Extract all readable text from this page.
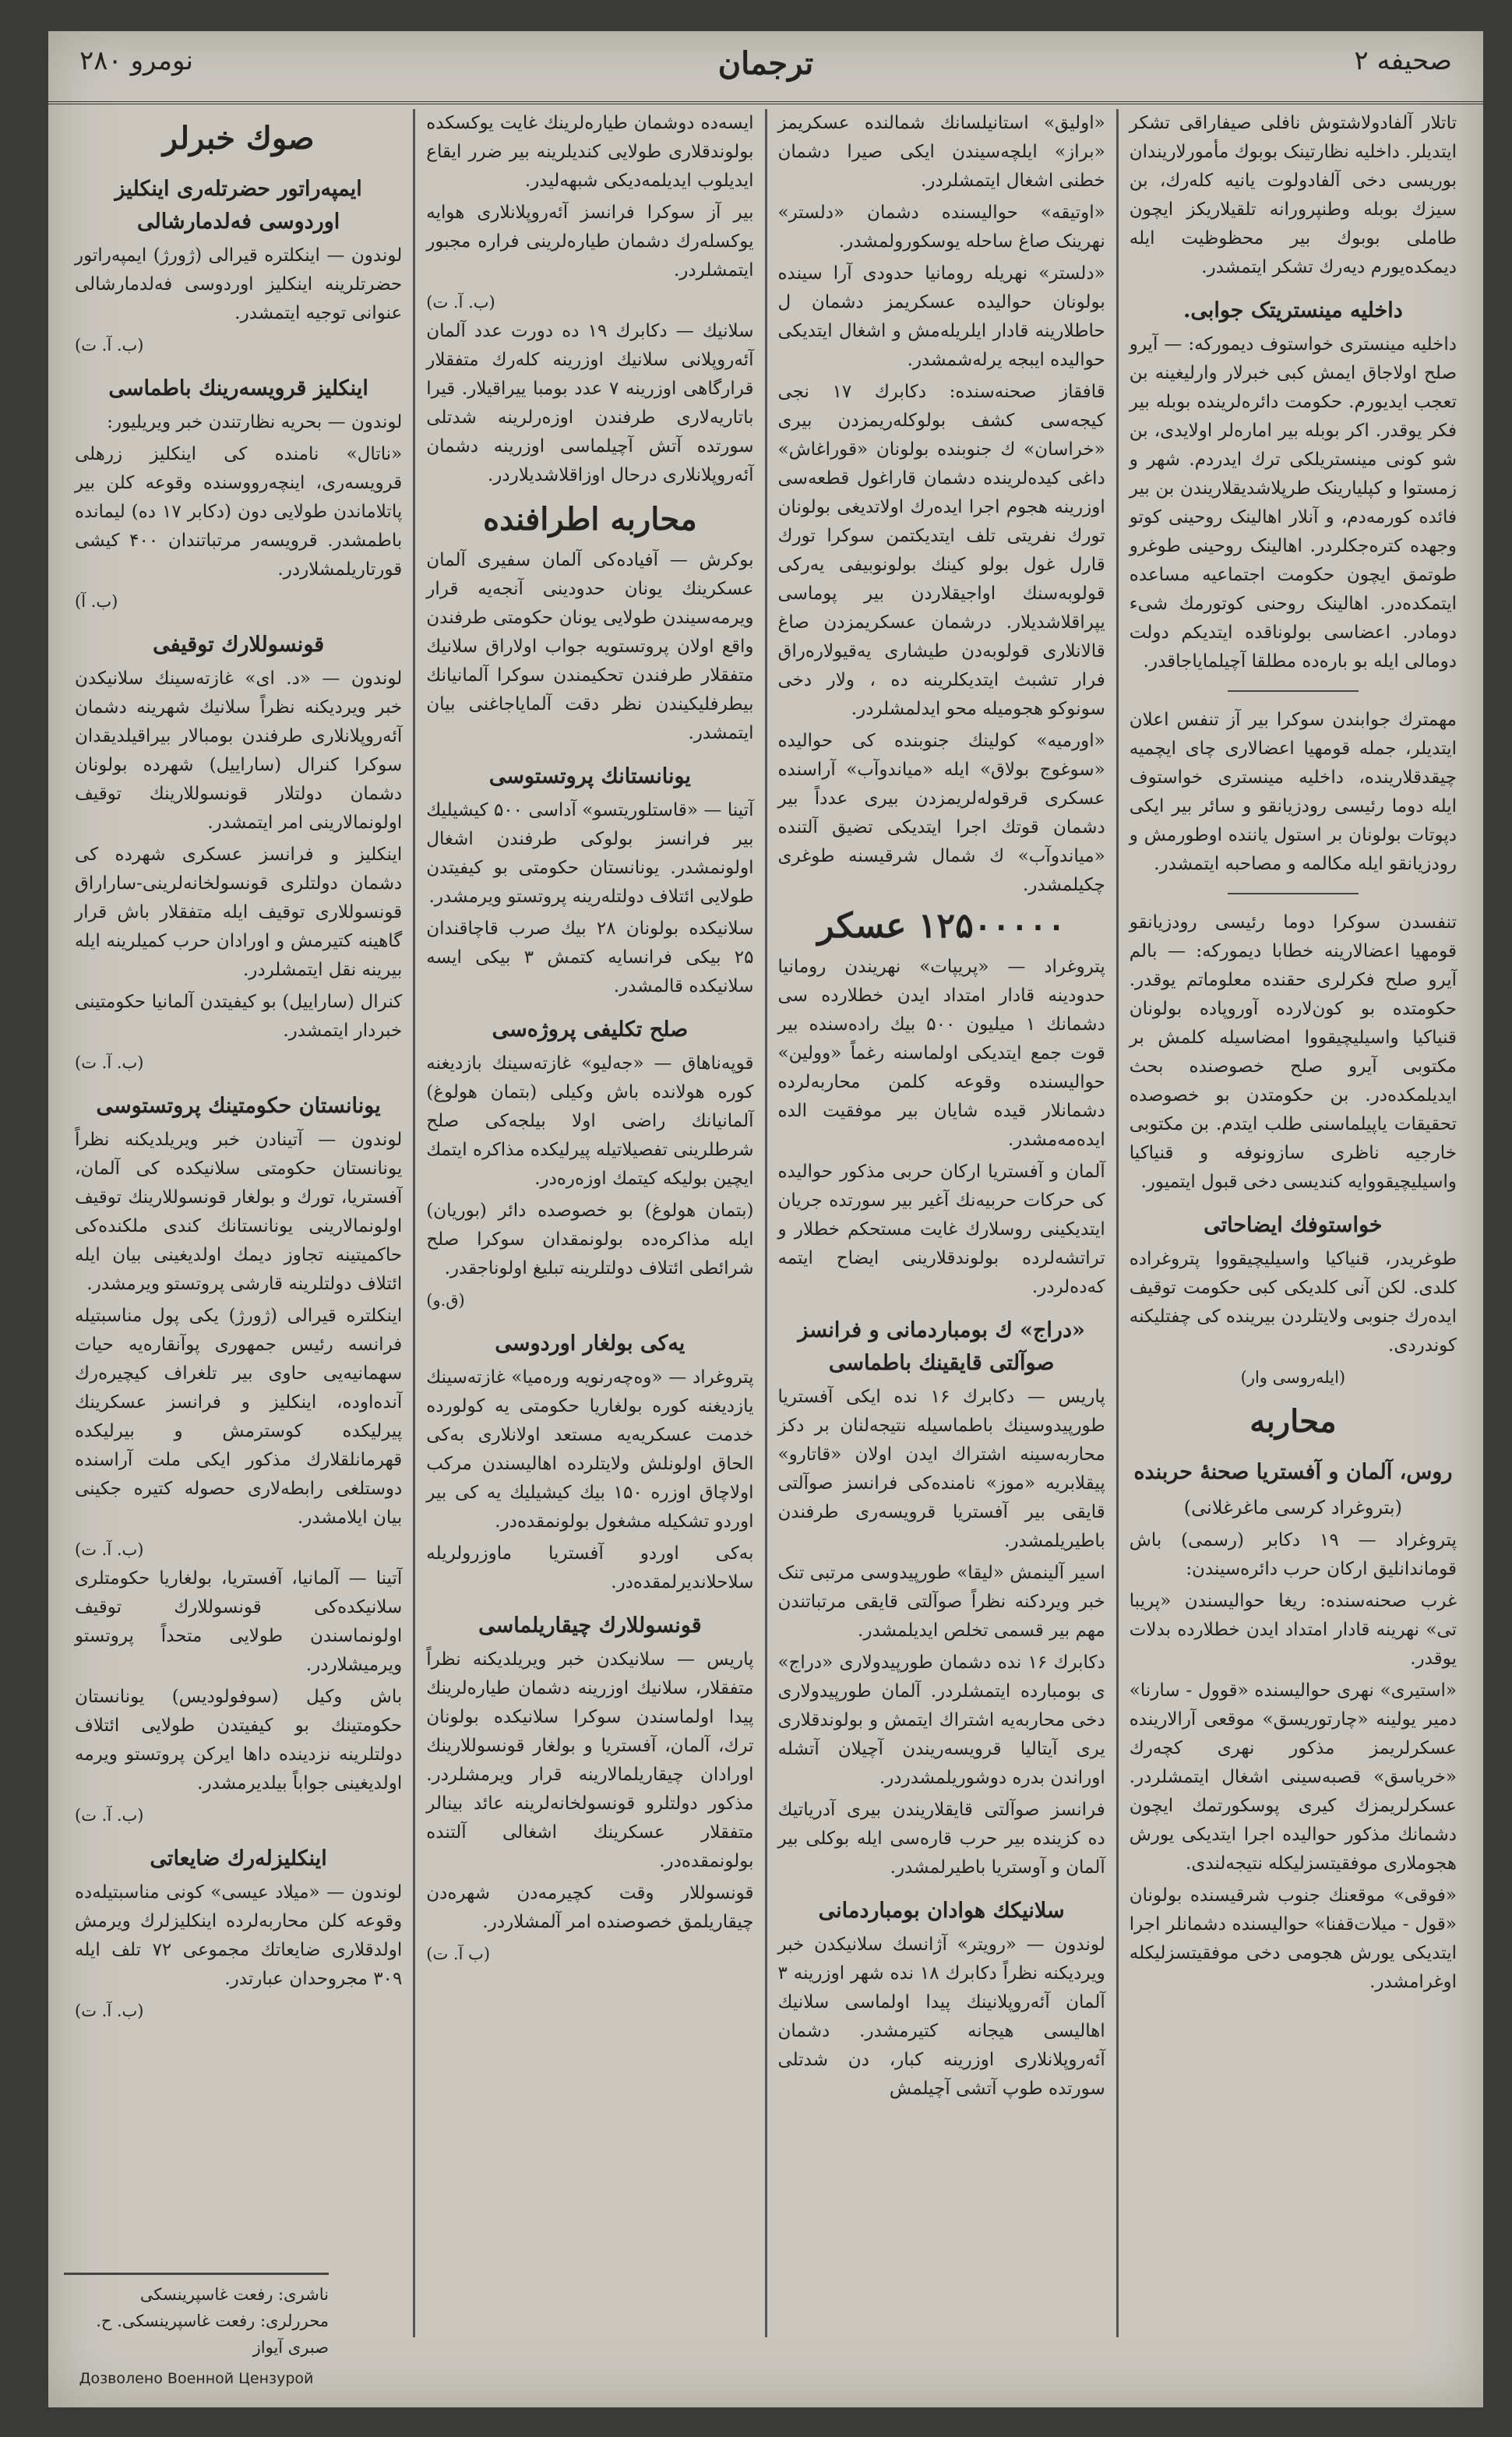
صحیفه ۲
ترجمان
نومرو ۲۸۰

تاتلار آلفادولاشتوش نافلی صیفاراقی تشکر ایتدیلر. داخلیه نظارتینک بوبوك مأمورلاریندان بوریسی دخی آلفادولوت یانیه کله‌رك، بن سیزك بوبله وطنپرورانه تلقیلاریکز ایچون طاملی بوبوك بیر محظوظیت ایله دیمکده‌یورم دیه‌رك تشکر ایتمشدر.

داخلیه مینستریتک جوابی.

داخلیه مینستری خواستوف دیمورکه: — آیرو صلح اولاجاق ایمش کبی خبرلار وارلیغینه بن تعجب ایدیورم. حکومت دائرەلرینده بوبله بیر فکر یوقدر. اکر بوبله بیر امارەلر اولایدی، بن شو کونی مینستریلکی ترك ایدردم. شهر و زمستوا و کپلیارینک طرپلاشدیقلاریندن بن بیر فائده کورمه‌دم، و آنلار اهالینک روحینی کوتو وجهده کترەجکلردر. اهالینک روحینی طوغرو طوتمق ایچون حکومت اجتماعیه مساعده ایتمکده‌در. اهالینک روحنی کوتورمك شیء دومادر. اعضاسی بولوناقده ایتدیکم دولت دومالی ایله بو باره‌ده مطلقا آچیلمایاجاقدر.

مهمترك جوابندن سوکرا بیر آز تنفس اعلان ایتدیلر، جمله قومهیا اعضالاری چای ایچمیه چیقدقلارینده، داخلیه مینستری خواستوف ایله دوما رئیسی رودزیانقو و سائر بیر ایکی دپوتات بولونان بر استول یاننده اوطورمش و رودزیانقو ایله مکالمه و مصاحبه ایتمشدر.

تنفسدن سوکرا دوما رئیسی رودزیانقو قومهیا اعضالارینه خطابا دیمورکه: — بالم آیرو صلح فکرلری حقنده معلوماتم یوقدر. حکومتده بو کون‌لاردە آوروپاده بولونان قنیاکیا واسیلیچیقووا امضاسیله کلمش بر مکتوبی آیرو صلح خصوصنده بحث ایدیلمکده‌در. بن حکومتدن بو خصوصده تحقیقات یاپیلماسنی طلب ایتدم. بن مکتوبی خارجیه ناظری سازونوفه و قنیاکیا واسیلیچیقووایه کندیسی دخی قبول ایتمیور.

خواستوفك ایضاحاتی

طوغریدر، قنیاکیا واسیلیچیقووا پتروغراده کلدی. لکن آنی کلدیکی کبی حکومت توقیف ایدەرك جنوبی ولایتلردن بیرینده کی چفتلیکنه کوندردی.

(ایلەروسی وار)
محاربه
روس، آلمان و آفستریا صحنهٔ حربنده
(بتروغراد کرسی ماغرغلانی)

پتروغراد — ۱۹ دکابر (رسمی) باش قوماندانلیق ارکان حرب دائرەسیندن:

غرب صحنه‌سنده: ریغا حوالیسندن «پریبا تی» نهرینه قادار امتداد ایدن خطلاردە بدلات یوقدر.

«استیری» نهری حوالیسنده «قوول - سارنا» دمیر یولینه «چارتوریسق» موقعی آرالارینده عسکرلریمز مذکور نهری کچەرك «خریاسق» قصبه‌سینی اشغال ایتمشلردر. عسکرلریمزك کیری پوسکورتمك ایچون دشمانك مذکور حوالیده اجرا ایتدیکی یورش هجوملاری موفقیتسزلیکله نتیجه‌لندی.

«فوقی» موقعنك جنوب شرقیسنده بولونان «قول - میلات‌قفنا» حوالیسنده دشمانلر اجرا ایتدیکی یورش هجومی دخی موفقیتسزلیکله اوغرامشدر.

«اولیق» استانیلسانك شمالنده عسکریمز «براز» ایلچه‌سیندن ایکی صیرا دشمان خطنی اشغال ایتمشلردر.

«اوتیقه» حوالیسنده دشمان «دلستر» نهرینک صاغ ساحله یوسکورولمشدر.

«دلستر» نهریله رومانیا حدودی آرا سینده بولونان حوالیده عسکریمز دشمان ل حاطلارینه قادار ایلریله‌مش و اشغال ایتدیکی حوالیده ایبجه یرله‌شمشدر.

قافقاز صحنه‌سنده: دکابرك ۱۷ نجی کیجه‌سی کشف بولوکلەریمزدن بیری «خراسان» ك جنوبنده بولونان «قوراغاش» داغی کیده‌لرینده دشمان قاراغول قطعه‌سی اوزرینه هجوم اجرا ایدەرك اولاتدیغی بولونان تورك نفریتی تلف ایتدیکتمن سوکرا تورك قارل غول بولو کینك بولونوبیفی یەرکی قولوبەسنك اواجیقلاردن بیر پوماسی یپراقلاشدیلار. درشمان عسکریمزدن صاغ قالانلاری قولوبه‌دن طیشاری یه‌قیولارەراق فرار تشبث ایتدیکلرینه ده ، ولار دخی سونوکو هجومیله محو ایدلمشلردر.

«اورمیه» کولینك جنوبنده کی حوالیده «سوغوج بولاق» ایله «میاندوآب» آراسندە عسکری قرقولەلریمزدن بیری عدداً بیر دشمان قوتك اجرا ایتدیکی تضیق آلتنده «میاندوآب» ك شمال شرقیسنه طوغری چکیلمشدر.

۱۲۵۰۰۰۰۰ عسکر

پتروغراد — «پریپات» نهریندن رومانیا حدودینه قادار امتداد ایدن خطلاردە سی دشمانك ۱ میلیون ۵۰۰ بیك راده‌سنده بیر قوت جمع ایتدیکی اولماسنه رغماً «وولین» حوالیسنده وقوعە کلمن محاربه‌لرده دشمانلار قیده شایان بیر موفقیت الده ایدەمه‌مشدر.

آلمان و آفستریا ارکان حربی مذکور حوالیده کی حرکات حربیه‌نك آغیر بیر سورتده جریان ایتدیکینی روسلارك غایت مستحکم خطلار و تراتشەلرده بولوندقلارینی ایضاح ایتمه کەدەلردر.

«دراج» ك بومباردمانی و فرانسز صوآلتی قایقینك باطماسی

پاریس — دکابرك ۱۶ نده ایکی آفستریا طورپیدوسینك باطماسیله نتیجه‌لنان بر دکز محاربه‌سینه اشتراك ایدن اولان «قاتارو» پیقلابریه «موز» نامنده‌کی فرانسز صوآلتی قایقی بیر آفستریا قرویسەری طرفندن باطیریلمشدر.

اسیر آلینمش «لیقا» طورپیدوسی مرتبی تنک خبر ویردکنه نظراً صوآلتی قایقی مرتباتندن مهم بیر قسمی تخلص ایدیلمشدر.

دکابرك ۱۶ نده دشمان طورپیدولاری «دراج» ی بومبارده ایتمشلردر. آلمان طورپیدولاری دخی محاربه‌یه اشتراك ایتمش و بولوندقلاری یری آیتالیا قرویسەریندن آچیلان آتشله اوراندن بدره دوشوریلمشدردر.

فرانسز صوآلتی قایقلاریندن بیری آدریاتیك ده کزینده بیر حرب قارەسی ایله بوکلی بیر آلمان و آوستریا باطیرلمشدر.

سلانیکك هوادان بومباردمانی

لوندون — «رویتر» آژانسك سلانیکدن خبر ویردیکنه نظراً دکابرك ۱۸ نده شهر اوزرینه ۳ آلمان آئەروپلانینك پیدا اولماسی سلانیك اهالیسی هیجانه کتیرمشدر. دشمان آئەروپلانلاری اوزرینه کبار، دن شدتلی سورتده طوپ آتشی آچیلمش

ایسه‌ده دوشمان طیاره‌لرینك غایت یوکسکده بولوندقلاری طولایی کندیلرینه بیر ضرر ایقاع ایدیلوب ایدیلمەدیکی شبهه‌لیدر.

بیر آز سوکرا فرانسز آئەروپلانلاری هوایه یوکسلەرك دشمان طیاره‌لرینی فراره مجبور ایتمشلردر.

(ب. آ. ت)

سلانیك — دکابرك ۱۹ ده دورت عدد آلمان آئەروپلانی سلانیك اوزرینه کلەرك متفقلار قرارگاهی اوزرینه ۷ عدد بومبا ییراقیلار. قیرا باتاریه‌لاری طرفندن اوزەرلرینه شدتلی سورتده آتش آچیلماسی اوزرینه دشمان آئەروپلانلاری درحال اوزاقلاشدیلاردر.

محاربه اطرافنده

بوکرش — آفیاده‌کی آلمان سفیری آلمان عسکرینك یونان حدودینی آنجه‌یه قرار ویرمه‌سیندن طولایی یونان حکومتی طرفندن واقع اولان پروتستویه جواب اولاراق سلانیك متفقلار طرفندن تحکیمندن سوکرا آلمانیانك بیطرفلیکیندن نظر دقت آلمایاجاغنی بیان ایتمشدر.

یونانستانك پروتستوسی

آتینا — «قاستلوریتسو» آداسی ۵۰۰ کیشیلیك بیر فرانسز بولوکی طرفندن اشغال اولونمشدر. یونانستان حکومتی بو کیفیتدن طولایی ائتلاف دولتلەرینه پروتستو ویرمشدر.

سلانیکده بولونان ۲۸ بیك صرب قاچاقندان ۲۵ بیکی فرانسایه کتمش ۳ بیکی ایسه سلانیکده قالمشدر.

صلح تکلیفی پروژه‌سی

قوپه‌ناهاق — «جەلیو» غازته‌سینك بازدیغنه کوره هولانده باش وکیلی (بتمان هولوغ) آلمانیانك راضی اولا بیلجه‌کی صلح شرطلرینی تفصیلاتیله پیرلیکده مذاکره ایتمك ایچین بولیکه کیتمك اوزەره‌در.

(بتمان هولوغ) بو خصوصده دائر (بوریان) ایله مذاکره‌ده بولونمقدان سوکرا صلح شرائطی ائتلاف دولتلرینه تبلیغ اولوناجقدر.

(ق.و)
یەکی بولغار اوردوسی

پتروغراد — «وەچەرنویه ورەمیا» غازته‌سینك یازدیغنه کوره بولغاریا حکومتی یه کولورده خدمت عسکریه‌یه مستعد اولانلاری بە‌کی الحاق اولونلش ولایتلرده اهالیسندن مرکب اولاچاق اوزره ۱۵۰ بیك کیشیلیك یه کی بیر اوردو تشکیله مشغول بولونمقده‌در.

بە‌کی اوردو آفستریا ماوزرولریله سلاحلاندیرلمقده‌در.

قونسوللارك چیقاریلماسی

پاریس — سلانیکدن خبر ویریلدیکنه نظراً متفقلار، سلانیك اوزرینه دشمان طیاره‌لرینك پیدا اولماسندن سوکرا سلانیکده بولونان ترك، آلمان، آفستریا و بولغار قونسوللارینك اورادان چیقاریلمالارینه قرار ویرمشلردر. مذکور دولتلرو قونسولخانه‌لرینه عائد بینالر متفقلار عسکرینك اشغالی آلتنده بولونمقده‌در.

قونسوللار وقت کچیرمه‌دن شهره‌دن چیقاریلمق خصوصنده امر آلمشلاردر.

(ب آ. ت)
صوك خبرلر
ایمپەراتور حضرتلەری اینکلیز اوردوسی فەلدمارشالی

لوندون — اینکلتره قیرالی (ژورژ) ایمپەراتور حضرتلرینه اینکلیز اوردوسی فەلدمارشالی عنوانی توجیه ایتمشدر.

(ب. آ. ت)
اینکلیز قرویسه‌رینك باطماسی

لوندون — بحریه نظارتندن خبر ویریلیور:

«ناتال» نامنده کی اینکلیز زرهلی قرویسەری، اینچه‌رووسنده وقوعه کلن بیر پاتلاماندن طولایی دون (دکابر ۱۷ ده) لیمانده باطمشدر. قرویسه‌ر مرتباتندان ۴۰۰ کیشی قورتاریلمشلاردر.

(ب. آ)
قونسوللارك توقیفی

لوندون — «د. ای» غازته‌سینك سلانیکدن خبر ویردیکنه نظراً سلانیك شهرینه دشمان آئەروپلانلاری طرفندن بومبالار بیراقیلدیقدان سوکرا کنرال (ساراییل) شهرده بولونان دشمان دولتلار قونسوللارینك توقیف اولونمالارینی امر ایتمشدر.

اینکلیز و فرانسز عسکری شهرده کی دشمان دولتلری قونسولخانه‌لرینی-ساراراق قونسوللاری توقیف ایله متفقلار باش قرار گاهینه کتیرمش و اورادان حرب کمیلرینه ایله بیرینه نقل ایتمشلردر.

کنرال (ساراییل) بو کیفیتدن آلمانیا حکومتینی خبردار ایتمشدر.

(ب. آ. ت)
یونانستان حکومتینك پروتستوسی

لوندون — آتینادن خبر ویریلدیکنه نظراً یونانستان حکومتی سلانیکده کی آلمان، آفستریا، تورك و بولغار قونسوللارینك توقیف اولونمالارینی یونانستانك کندی ملکنده‌کی حاکمیتینه تجاوز دیمك اولدیغینی بیان ایله ائتلاف دولتلرینه قارشی پروتستو ویرمشدر.

اینکلتره قیرالی (ژورژ) یکی پول مناسبتیله فرانسه رئیس جمهوری پوآنقارەیه حیات سهمانیه‌یی حاوی بیر تلغراف کیچیرەرك آنده‌اوده، اینکلیز و فرانسز عسکرینك پیرلیکده کوسترمش و بیرلیکده قهرمانلقلارك مذکور ایکی ملت آراسنده دوستلغی رابطه‌لاری حصوله کتیره جکینی بیان ایلامشدر.

(ب. آ. ت)

آتینا — آلمانیا، آفستریا، بولغاریا حکومتلری سلانیکده‌کی قونسوللارك توقیف اولونماسندن طولایی متحداً پروتستو ویرمیشلاردر.

باش وکیل (سوفولودیس) یونانستان حکومتینك بو کیفیتدن طولایی ائتلاف دولتلرینه نزدینده داها ایرکن پروتستو ویرمه اولدیغینی جواباً بیلدیرمشدر.

(ب. آ. ت)
اینکلیزلەرك ضایعاتی

لوندون — «میلاد عیسی» کونی مناسبتیله‌ده وقوعه کلن محاربه‌لرده اینکلیزلرك ویرمش اولدقلاری ضایعاتك مجموعی ۷۲ تلف ایله ۳۰۹ مجروحدان عبارتدر.

(ب. آ. ت)
ناشری: رفعت غاسپرینسکی
محررلری: رفعت غاسپرینسکی. ح. صبری آیواز
Дозволено Военной Цензурой
